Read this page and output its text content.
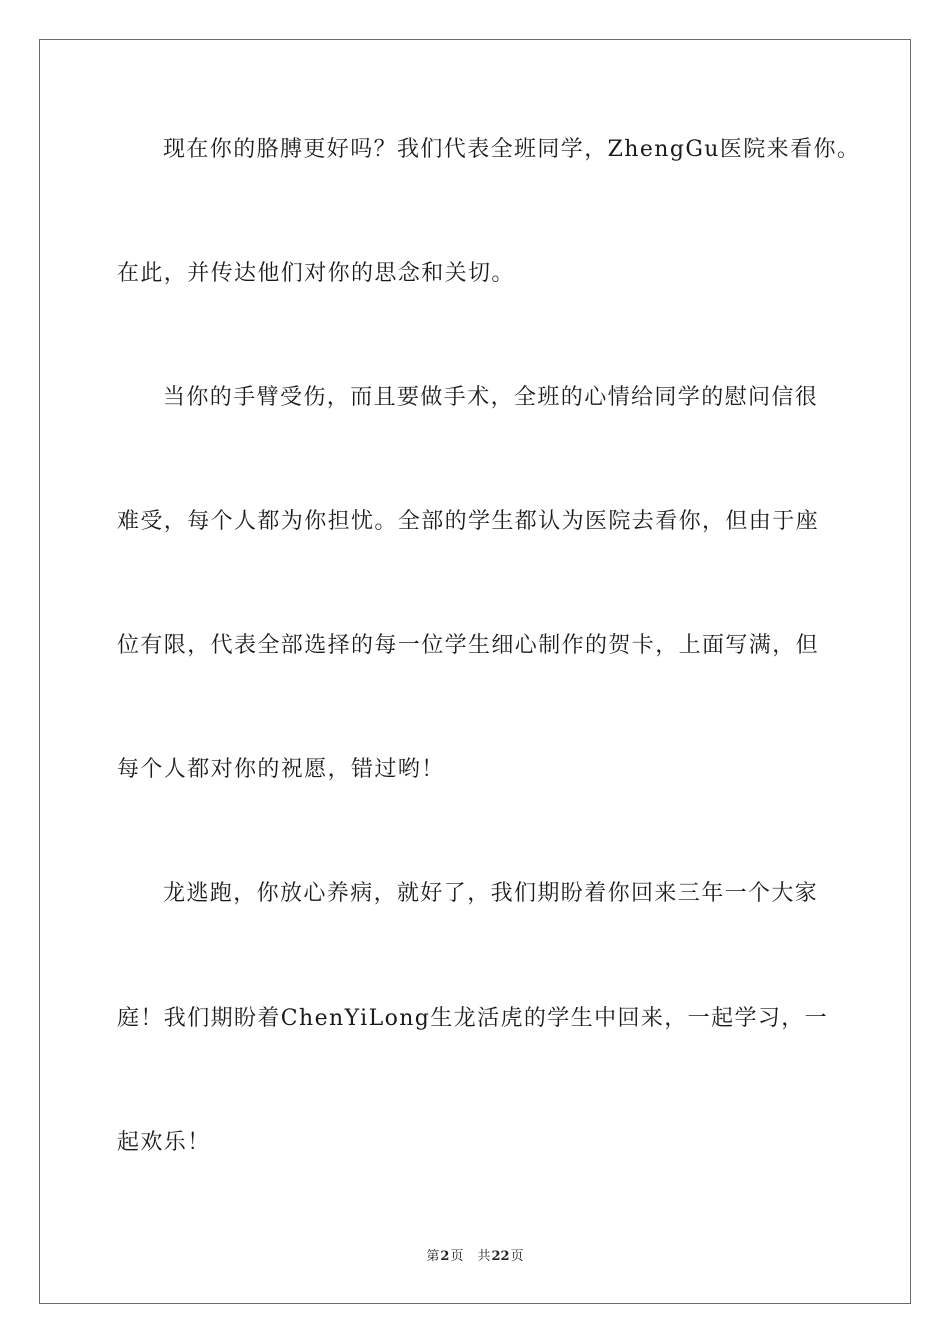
现在你的胳膊更好吗？我们代表全班同学，ZhengGu医院来看你。

在此，并传达他们对你的思念和关切。

当你的手臂受伤，而且要做手术，全班的心情给同学的慰问信很

难受，每个人都为你担忧。全部的学生都认为医院去看你，但由于座

位有限，代表全部选择的每一位学生细心制作的贺卡，上面写满，但

每个人都对你的祝愿，错过哟！

龙逃跑，你放心养病，就好了，我们期盼着你回来三年一个大家

庭！我们期盼着ChenYiLong生龙活虎的学生中回来，一起学习，一

起欢乐！

第2页 共22页
